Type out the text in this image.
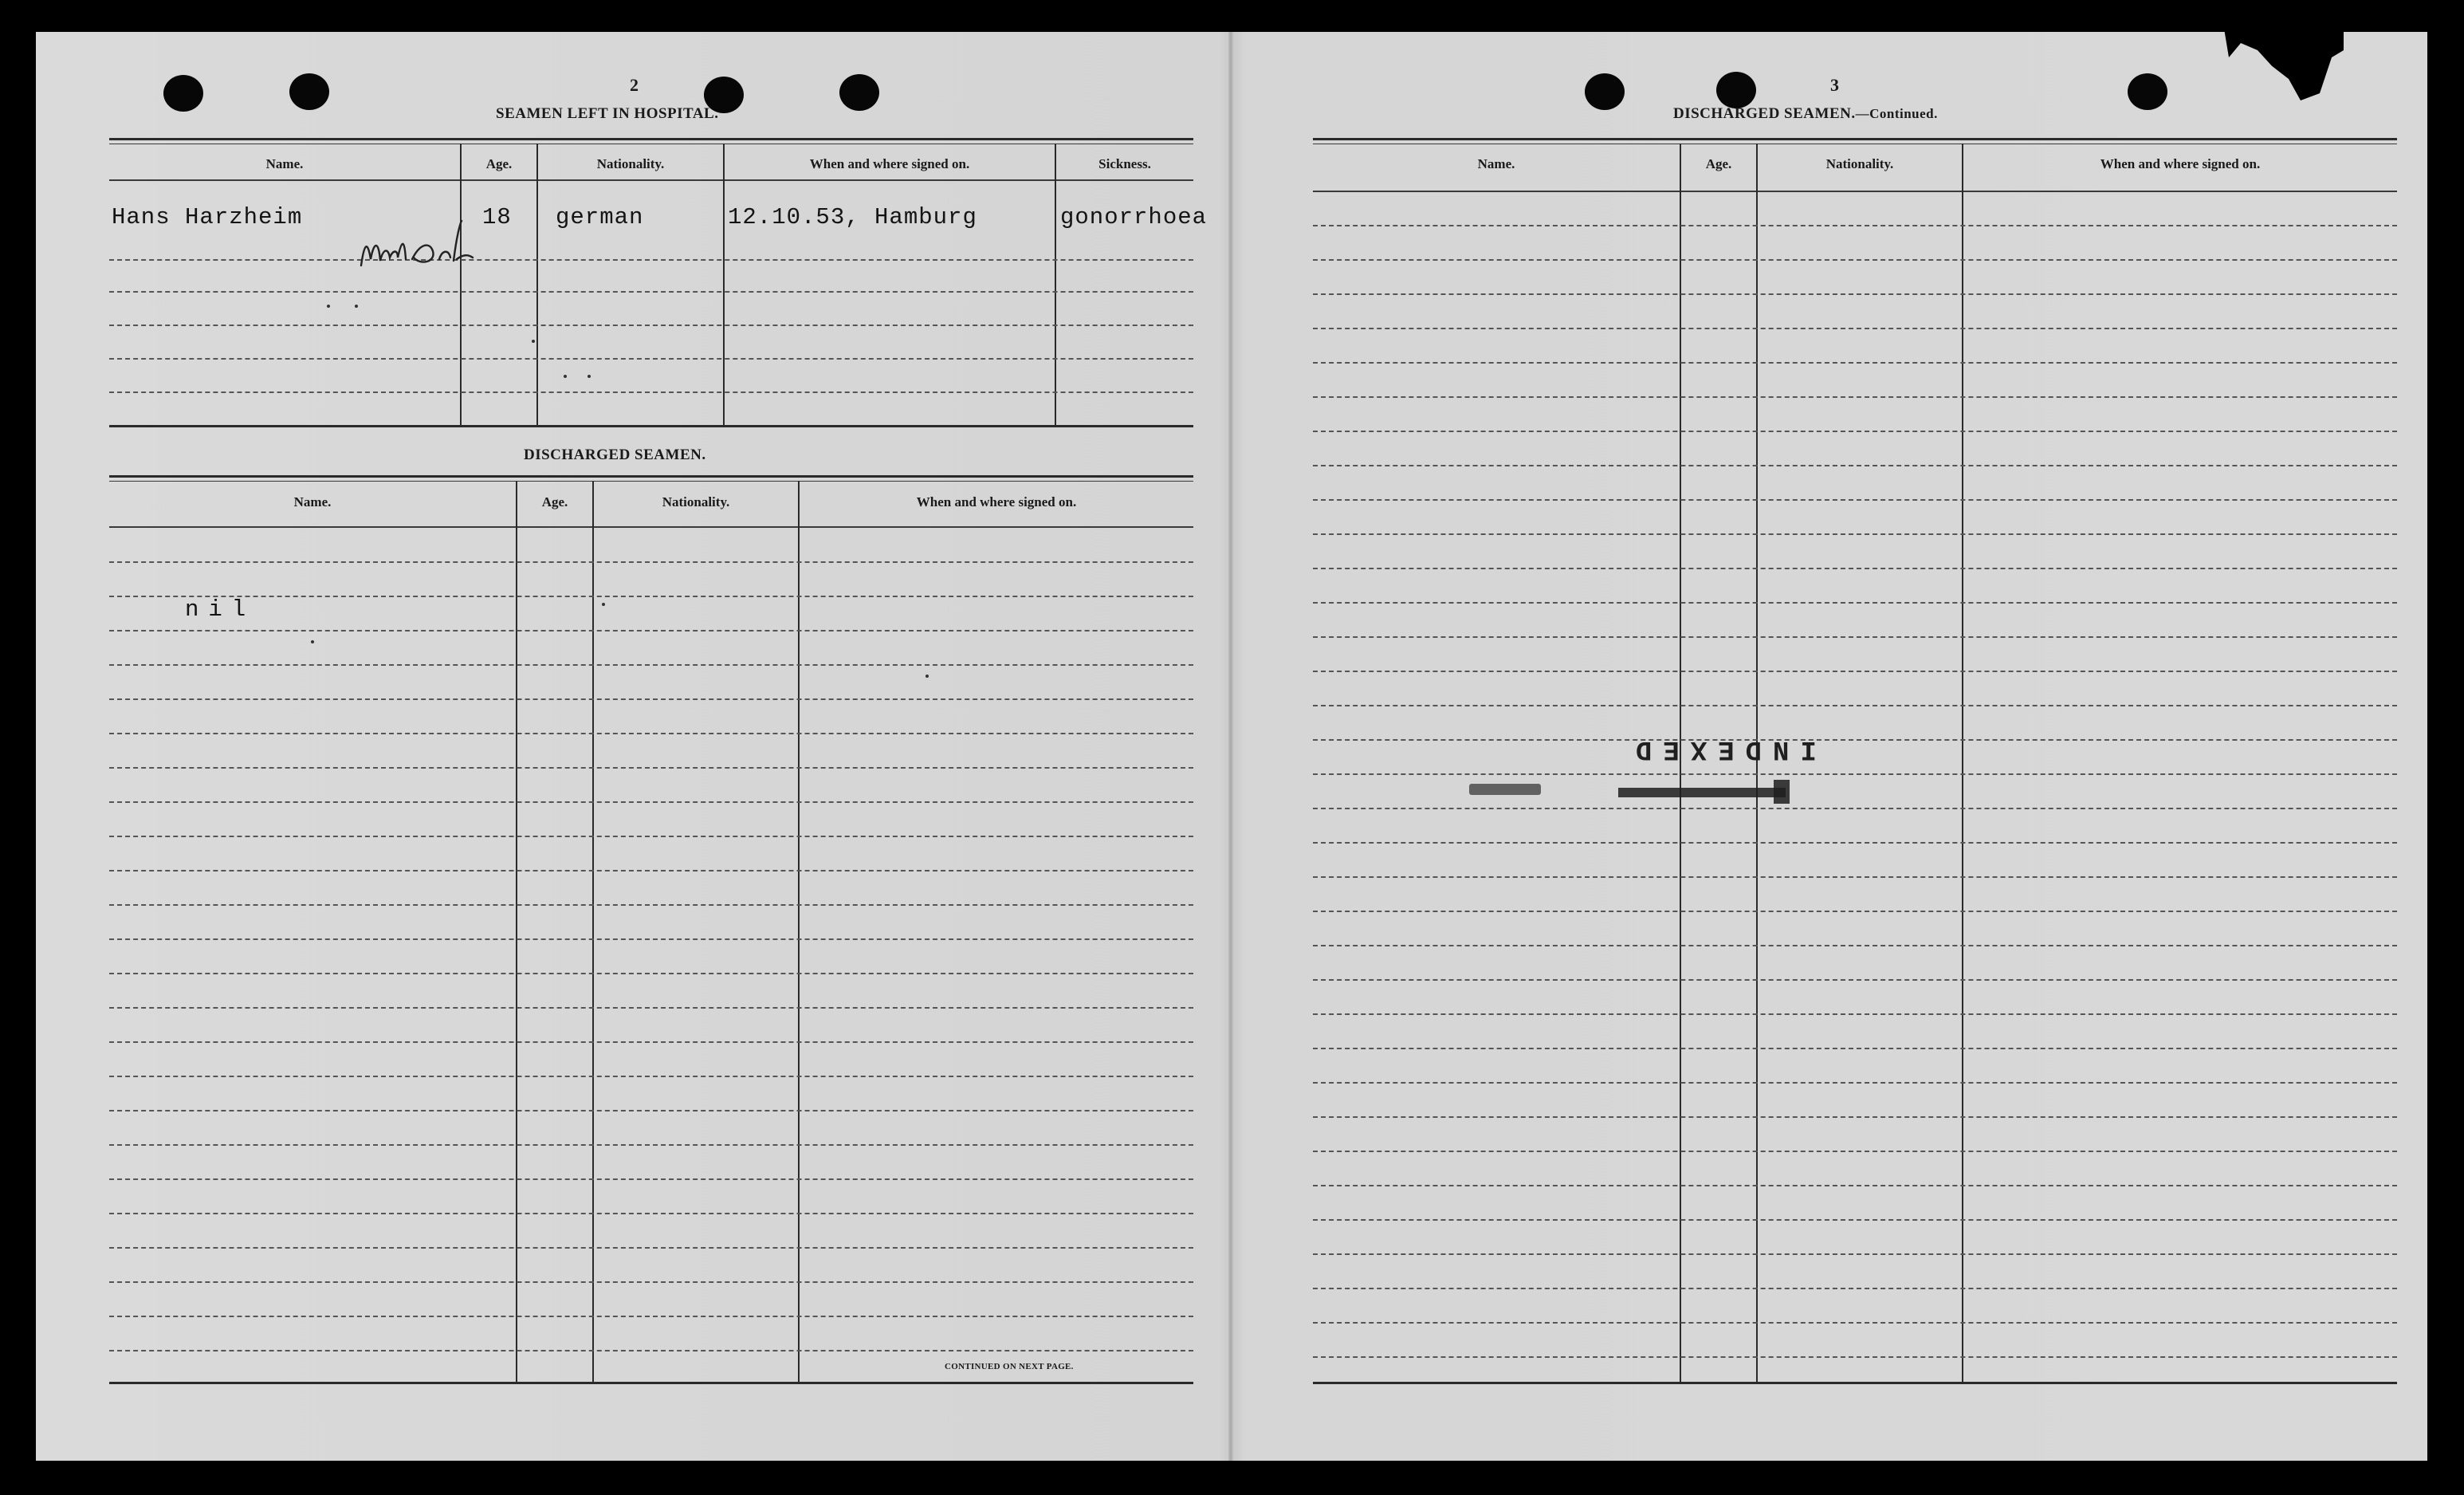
2
SEAMEN LEFT IN HOSPITAL.
Name.	Age.	Nationality.	When and where signed on.	Sickness.
Hans Harzheim	18 german	12.10.53, Hamburg	gonorrhoea
DISCHARGED SEAMEN.
Name.	Age.	Nationality.	When and where signed on.
nil
CONTINUED ON NEXT PAGE.
3
DISCHARGED SEAMEN.—Continued.
Name.	Age.	Nationality.	When and where signed on.
INDEXED
